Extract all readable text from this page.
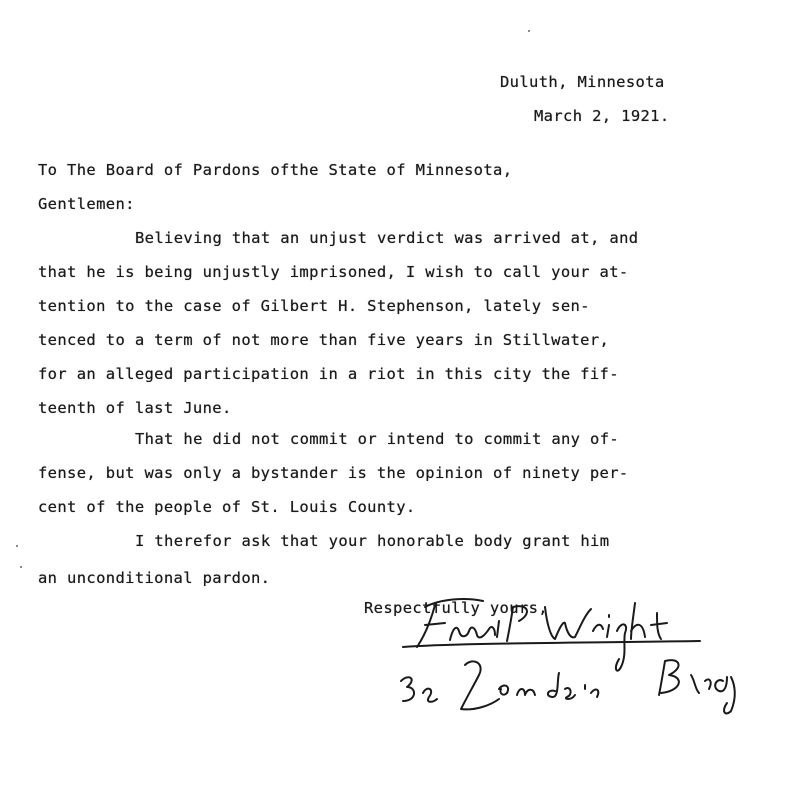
Duluth, Minnesota
March 2, 1921.
To The Board of Pardons ofthe State of Minnesota,
Gentlemen:
Believing that an unjust verdict was arrived at, and
that he is being unjustly imprisoned, I wish to call your at-
tention to the case of Gilbert H. Stephenson, lately sen-
tenced to a term of not more than five years in Stillwater,
for an alleged participation in a riot in this city the fif-
teenth of last June.
That he did not commit or intend to commit any of-
fense, but was only a bystander is the opinion of ninety per-
cent of the people of St. Louis County.
I therefor ask that your honorable body grant him
an unconditional pardon.
Respectfully yours,
